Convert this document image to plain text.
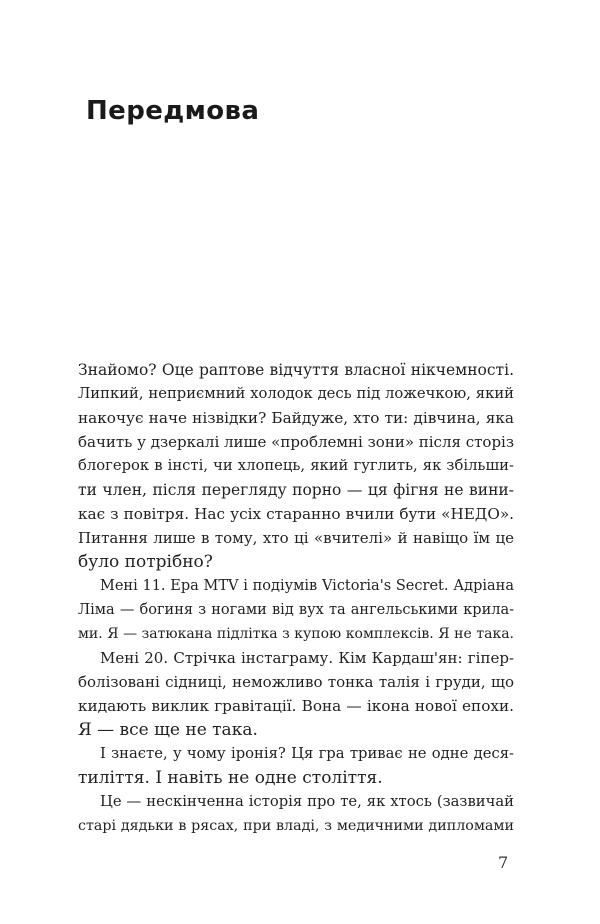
Передмова

Знайомо? Оце раптове відчуття власної нікчемності.
Липкий, неприємний холодок десь під ложечкою, який
накочує наче нізвідки? Байдуже, хто ти: дівчина, яка
бачить у дзеркалі лише «проблемні зони» після сторіз
блогерок в інсті, чи хлопець, який гуглить, як збільши-
ти член, після перегляду порно — ця фігня не вини-
кає з повітря. Нас усіх старанно вчили бути «НЕДО».
Питання лише в тому, хто ці «вчителі» й навіщо їм це
було потрібно?

Мені 11. Ера MTV і подіумів Victoria's Secret. Адріана
Ліма — богиня з ногами від вух та ангельськими крила-
ми. Я — затюкана підлітка з купою комплексів. Я не така.

Мені 20. Стрічка інстаграму. Кім Кардаш'ян: гіпер-
болізовані сідниці, неможливо тонка талія і груди, що
кидають виклик гравітації. Вона — ікона нової епохи.
Я — все ще не така.

І знаєте, у чому іронія? Ця гра триває не одне деся-
тиліття. І навіть не одне століття.

Це — нескінченна історія про те, як хтось (зазвичай
старі дядьки в рясах, при владі, з медичними дипломами

7
